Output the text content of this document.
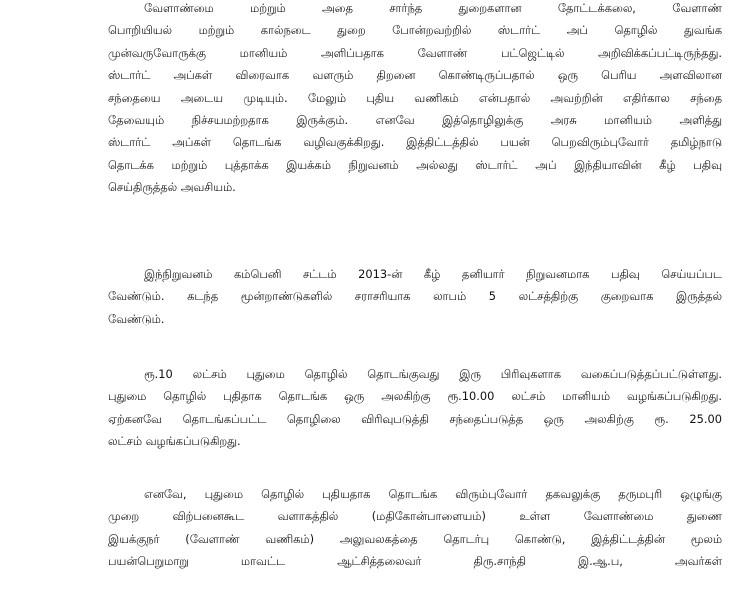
வேளாண்மை மற்றும் அதை சார்ந்த துறைகளான தோட்டக்கலை, வேளாண்
பொறியியல் மற்றும் கால்நடை துறை போன்றவற்றில் ஸ்டார்ட் அப் தொழில் துவங்க
முன்வருவோருக்கு மானியம் அளிப்பதாக வேளாண் பட்ஜெட்டில் அறிவிக்கப்பட்டிருந்தது.
ஸ்டார்ட் அப்கள் விரைவாக வளரும் திறனை கொண்டிருப்பதால் ஒரு பெரிய அளவிலான
சந்தையை அடைய முடியும். மேலும் புதிய வணிகம் என்பதால் அவற்றின் எதிர்கால சந்தை
தேவையும் நிச்சயமற்றதாக இருக்கும். எனவே இத்தொழிலுக்கு அரசு மானியம் அளித்து
ஸ்டார்ட் அப்கள் தொடங்க வழிவகுக்கிறது. இத்திட்டத்தில் பயன் பெறவிரும்புவோர் தமிழ்நாடு
தொடக்க மற்றும் புத்தாக்க இயக்கம் நிறுவனம் அல்லது ஸ்டார்ட் அப் இந்தியாவின் கீழ் பதிவு
செய்திருத்தல் அவசியம்.
இந்நிறுவனம் கம்பெனி சட்டம் 2013-ன் கீழ் தனியார் நிறுவனமாக பதிவு செய்யப்பட
வேண்டும். கடந்த மூன்றாண்டுகளில் சராசரியாக லாபம் 5 லட்சத்திற்கு குறைவாக இருத்தல்
வேண்டும்.
ரூ.10 லட்சம் புதுமை தொழில் தொடங்குவது இரு பிரிவுகளாக வகைப்படுத்தப்பட்டுள்ளது.
புதுமை தொழில் புதிதாக தொடங்க ஒரு அலகிற்கு ரூ.10.00 லட்சம் மானியம் வழங்கப்படுகிறது.
ஏற்கனவே தொடங்கப்பட்ட தொழிலை விரிவுபடுத்தி சந்தைப்படுத்த ஒரு அலகிற்கு ரூ. 25.00
லட்சம் வழங்கப்படுகிறது.
எனவே, புதுமை தொழில் புதியதாக தொடங்க விரும்புவோர் தகவலுக்கு தருமபுரி ஒழுங்கு
முறை விற்பனைகூட வளாகத்தில் (மதிகோன்பாளையம்) உள்ள வேளாண்மை துணை
இயக்குநர் (வேளாண் வணிகம்) அலுவலகத்தை தொடர்பு கொண்டு, இத்திட்டத்தின் மூலம்
பயன்பெறுமாறு மாவட்ட ஆட்சித்தலைவர் திரு.சாந்தி இ.ஆ.ப, அவர்கள்
